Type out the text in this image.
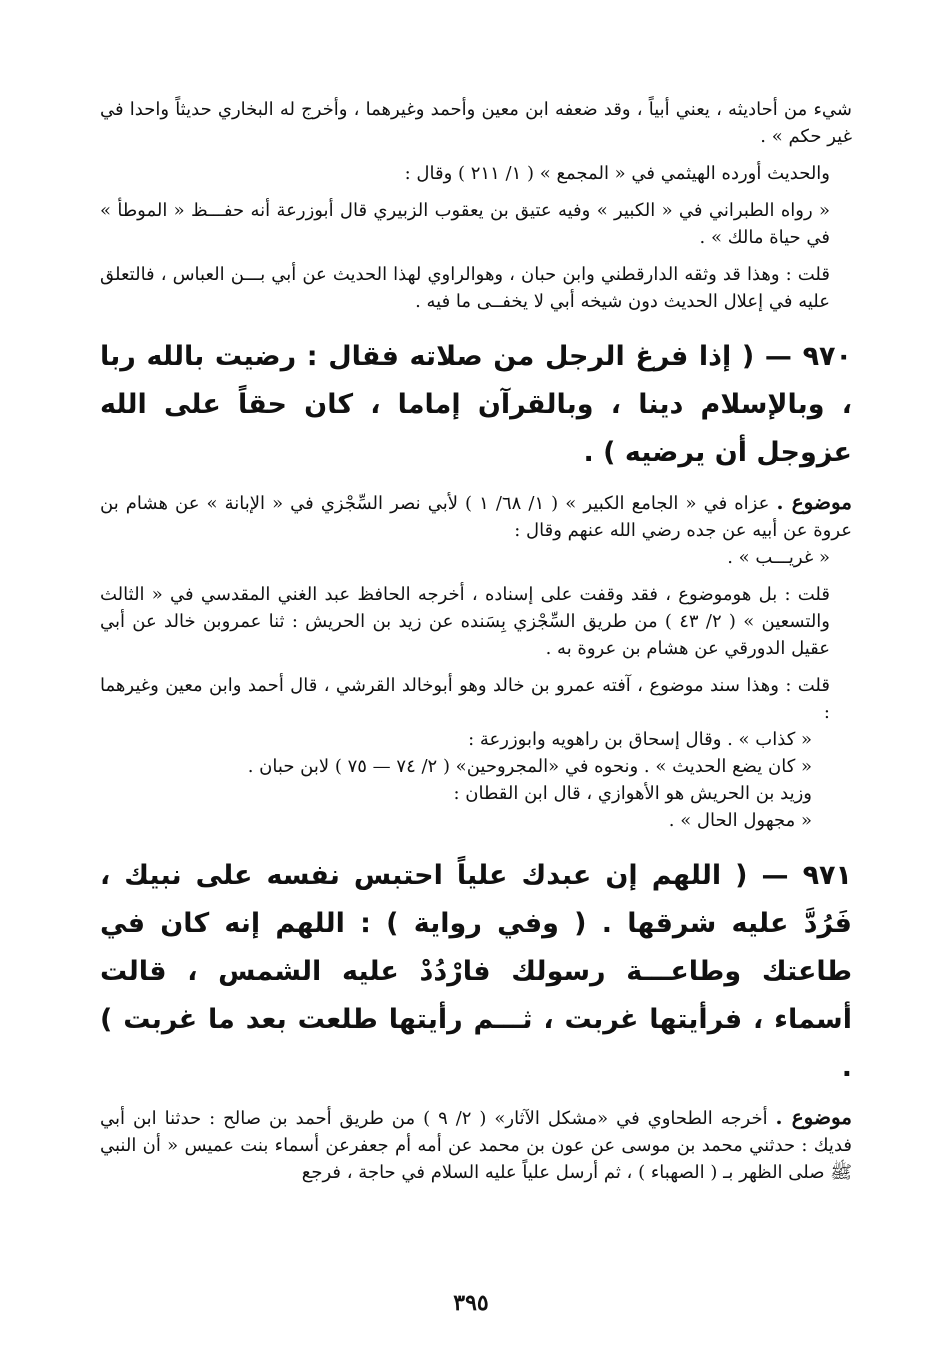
شيء من أحاديثه ، يعني أبياً ، وقد ضعفه ابن معين وأحمد وغيرهما ، وأخرج له البخاري حديثاً واحدا في غير حكم » .

والحديث أورده الهيثمي في « المجمع » ( ١/ ٢١١ ) وقال :

« رواه الطبراني في « الكبير » وفيه عتيق بن يعقوب الزبيري قال أبوزرعة أنه حفـــظ « الموطأ » في حياة مالك » .

قلت : وهذا قد وثقه الدارقطني وابن حبان ، وهوالراوي لهذا الحديث عن أبي بـــن العباس ، فالتعلق عليه في إعلال الحديث دون شيخه أبي لا يخفــى ما فيه .

٩٧٠ — ( إذا فرغ الرجل من صلاته فقال : رضيت بالله ربا ، وبالإسلام دينا ، وبالقرآن إماما ، كان حقاً على الله عزوجل أن يرضيه ) .

موضوع . عزاه في « الجامع الكبير » ( ١/ ٦٨/ ١ ) لأبي نصر السِّجْزي في « الإبانة » عن هشام بن عروة عن أبيه عن جده رضي الله عنهم وقال :

« غريـــب » .

قلت : بل هوموضوع ، فقد وقفت على إسناده ، أخرجه الحافظ عبد الغني المقدسي في « الثالث والتسعين » ( ٢/ ٤٣ ) من طريق السِّجْزي بِسَنده عن زيد بن الحريش : ثنا عمروبن خالد عن أبي عقيل الدورقي عن هشام بن عروة به .

قلت : وهذا سند موضوع ، آفته عمرو بن خالد وهو أبوخالد القرشي ، قال أحمد وابن معين وغيرهما :

« كذاب » . وقال إسحاق بن راهويه وابوزرعة :

« كان يضع الحديث » . ونحوه في «المجروحين» ( ٢/ ٧٤ — ٧٥ ) لابن حبان .

وزيد بن الحريش هو الأهوازي ، قال ابن القطان :

« مجهول الحال » .

٩٧١ — ( اللهم إن عبدك علياً احتبس نفسه على نبيك ، فَرُدَّ عليه شرقها . ( وفي رواية ) : اللهم إنه كان في طاعتك وطاعـــة رسولك فارْدُدْ عليه الشمس ، قالت أسماء ، فرأيتها غربت ، ثـــم رأيتها طلعت بعد ما غربت ) .

موضوع . أخرجه الطحاوي في «مشكل الآثار» ( ٢/ ٩ ) من طريق أحمد بن صالح : حدثنا ابن أبي فديك : حدثني محمد بن موسى عن عون بن محمد عن أمه أم جعفرعن أسماء بنت عميس « أن النبي ﷺ صلى الظهر بـ ( الصهباء ) ، ثم أرسل علياً عليه السلام في حاجة ، فرجع

٣٩٥
